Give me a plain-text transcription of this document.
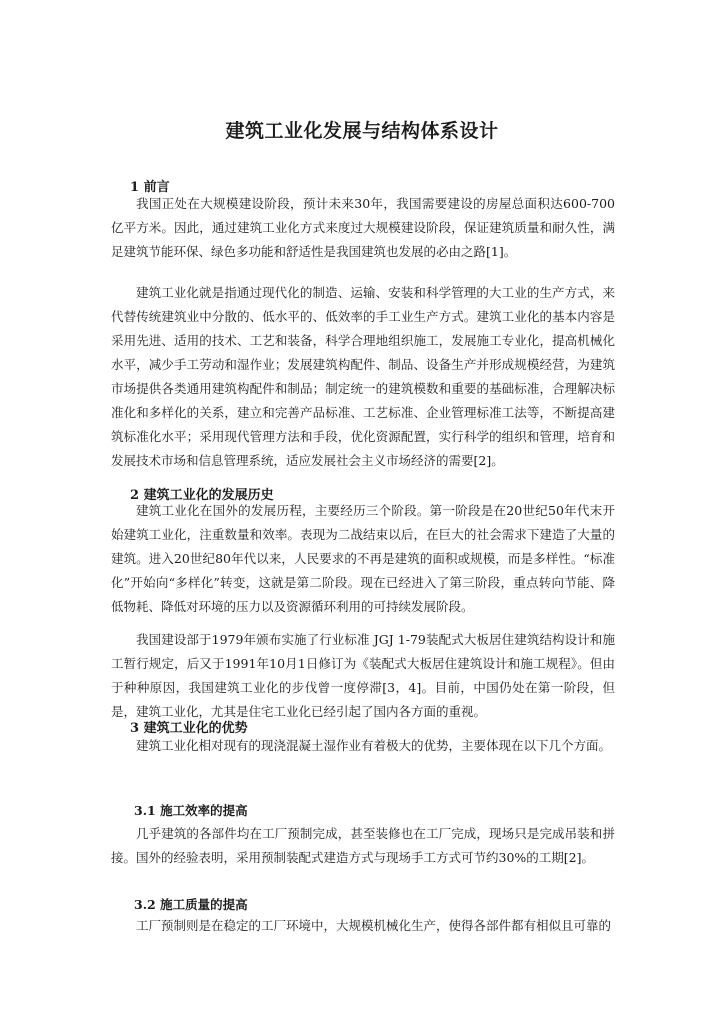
建筑工业化发展与结构体系设计
1 前言

我国正处在大规模建设阶段，预计未来30年，我国需要建设的房屋总面积达600-700亿平方米。因此，通过建筑工业化方式来度过大规模建设阶段，保证建筑质量和耐久性，满足建筑节能环保、绿色多功能和舒适性是我国建筑也发展的必由之路[1]。

建筑工业化就是指通过现代化的制造、运输、安装和科学管理的大工业的生产方式，来代替传统建筑业中分散的、低水平的、低效率的手工业生产方式。建筑工业化的基本内容是采用先进、适用的技术、工艺和装备，科学合理地组织施工，发展施工专业化，提高机械化水平，减少手工劳动和湿作业；发展建筑构配件、制品、设备生产并形成规模经营，为建筑市场提供各类通用建筑构配件和制品；制定统一的建筑模数和重要的基础标准，合理解决标准化和多样化的关系，建立和完善产品标准、工艺标准、企业管理标准工法等，不断提高建筑标准化水平；采用现代管理方法和手段，优化资源配置，实行科学的组织和管理，培育和发展技术市场和信息管理系统，适应发展社会主义市场经济的需要[2]。

2 建筑工业化的发展历史

建筑工业化在国外的发展历程，主要经历三个阶段。第一阶段是在20世纪50年代末开始建筑工业化，注重数量和效率。表现为二战结束以后，在巨大的社会需求下建造了大量的建筑。进入20世纪80年代以来，人民要求的不再是建筑的面积或规模，而是多样性。“标准化”开始向“多样化”转变，这就是第二阶段。现在已经进入了第三阶段，重点转向节能、降低物耗、降低对环境的压力以及资源循环利用的可持续发展阶段。

我国建设部于1979年颁布实施了行业标准 JGJ 1-79装配式大板居住建筑结构设计和施工暂行规定，后又于1991年10月1日修订为《装配式大板居住建筑设计和施工规程》。但由于种种原因，我国建筑工业化的步伐曾一度停滞[3，4]。目前，中国仍处在第一阶段，但是，建筑工业化，尤其是住宅工业化已经引起了国内各方面的重视。

3 建筑工业化的优势

建筑工业化相对现有的现浇混凝土湿作业有着极大的优势，主要体现在以下几个方面。

3.1 施工效率的提高

几乎建筑的各部件均在工厂预制完成，甚至装修也在工厂完成，现场只是完成吊装和拼接。国外的经验表明，采用预制装配式建造方式与现场手工方式可节约30%的工期[2]。

3.2 施工质量的提高

工厂预制则是在稳定的工厂环境中，大规模机械化生产，使得各部件都有相似且可靠的
